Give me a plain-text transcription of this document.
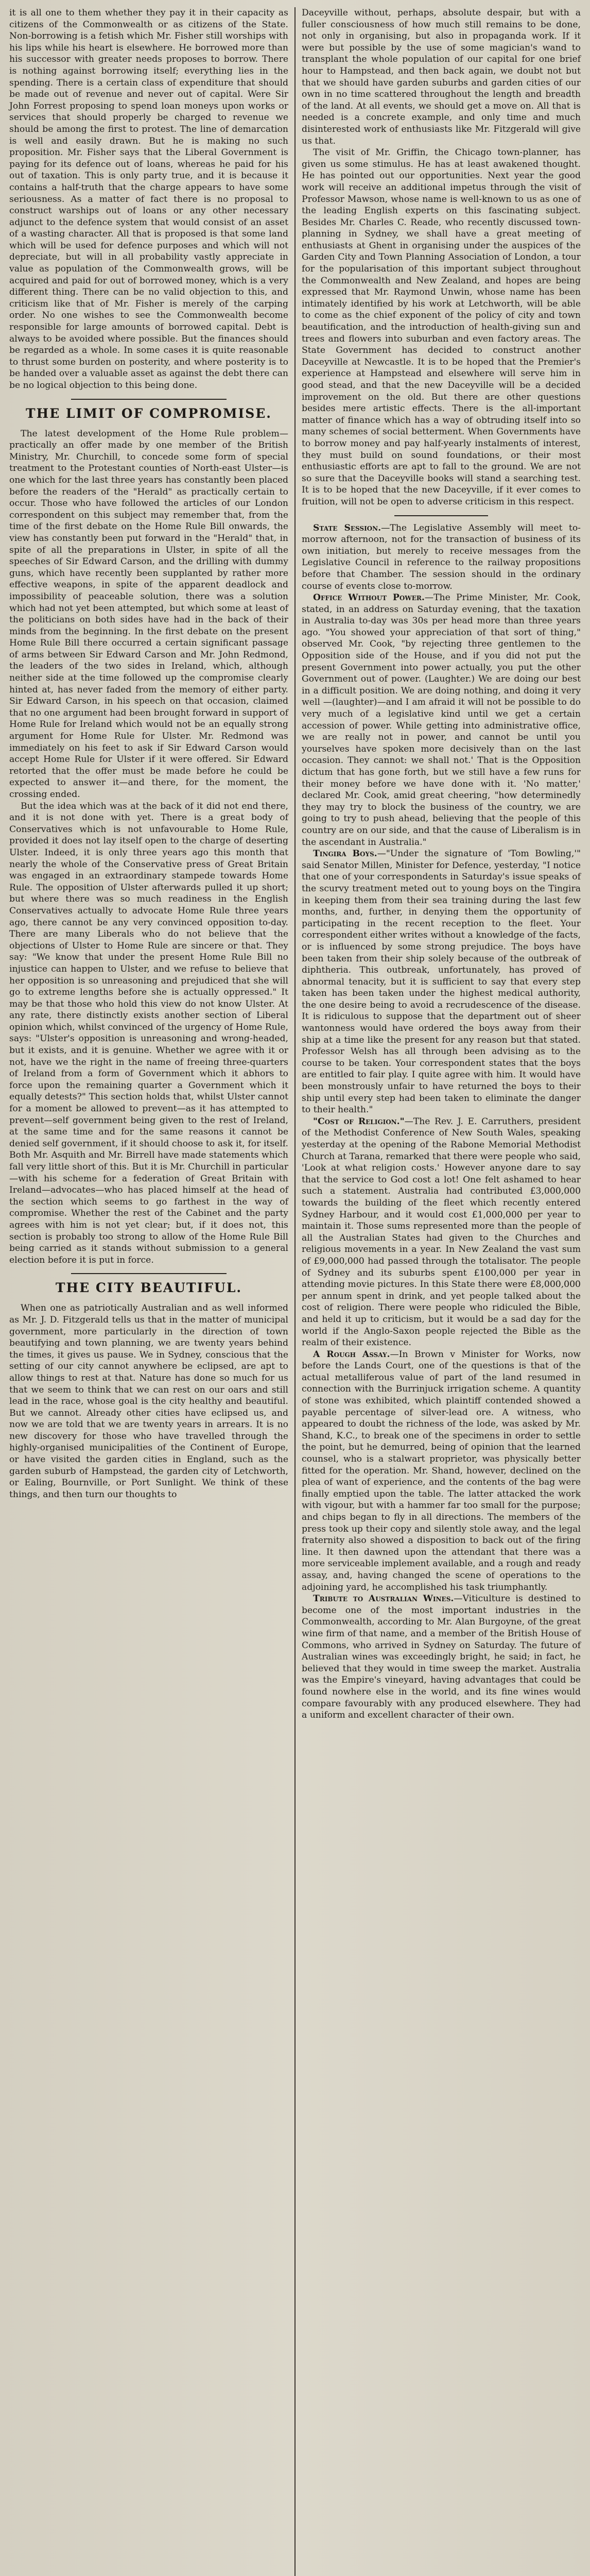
it is all one to them whether they pay it in their capacity as citizens of the Commonwealth or as citizens of the State. Non-borrowing is a fetish which Mr. Fisher still worships with his lips while his heart is elsewhere. He borrowed more than his successor with greater needs proposes to borrow. There is nothing against borrowing itself; everything lies in the spending. There is a certain class of expenditure that should be made out of revenue and never out of capital. Were Sir John Forrest proposing to spend loan moneys upon works or services that should properly be charged to revenue we should be among the first to protest. The line of demarcation is well and easily drawn. But he is making no such proposition. Mr. Fisher says that the Liberal Government is paying for its defence out of loans, whereas he paid for his out of taxation. This is only party true, and it is because it contains a half-truth that the charge appears to have some seriousness. As a matter of fact there is no proposal to construct warships out of loans or any other necessary adjunct to the defence system that would consist of an asset of a wasting character. All that is proposed is that some land which will be used for defence purposes and which will not depreciate, but will in all probability vastly appreciate in value as population of the Commonwealth grows, will be acquired and paid for out of borrowed money, which is a very different thing. There can be no valid objection to this, and criticism like that of Mr. Fisher is merely of the carping order. No one wishes to see the Commonwealth become responsible for large amounts of borrowed capital. Debt is always to be avoided where possible. But the finances should be regarded as a whole. In some cases it is quite reasonable to thrust some burden on posterity, and where posterity is to be handed over a valuable asset as against the debt there can be no logical objection to this being done.

THE LIMIT OF COMPROMISE.

The latest development of the Home Rule problem—practically an offer made by one member of the British Ministry, Mr. Churchill, to concede some form of special treatment to the Protestant counties of North-east Ulster—is one which for the last three years has constantly been placed before the readers of the "Herald" as practically certain to occur. Those who have followed the articles of our London correspondent on this subject may remember that, from the time of the first debate on the Home Rule Bill onwards, the view has constantly been put forward in the "Herald" that, in spite of all the preparations in Ulster, in spite of all the speeches of Sir Edward Carson, and the drilling with dummy guns, which have recently been supplanted by rather more effective weapons, in spite of the apparent deadlock and impossibility of peaceable solution, there was a solution which had not yet been attempted, but which some at least of the politicians on both sides have had in the back of their minds from the beginning. In the first debate on the present Home Rule Bill there occurred a certain significant passage of arms between Sir Edward Carson and Mr. John Redmond, the leaders of the two sides in Ireland, which, although neither side at the time followed up the compromise clearly hinted at, has never faded from the memory of either party. Sir Edward Carson, in his speech on that occasion, claimed that no one argument had been brought forward in support of Home Rule for Ireland which would not be an equally strong argument for Home Rule for Ulster. Mr. Redmond was immediately on his feet to ask if Sir Edward Carson would accept Home Rule for Ulster if it were offered. Sir Edward retorted that the offer must be made before he could be expected to answer it—and there, for the moment, the crossing ended.

But the idea which was at the back of it did not end there, and it is not done with yet. There is a great body of Conservatives which is not unfavourable to Home Rule, provided it does not lay itself open to the charge of deserting Ulster. Indeed, it is only three years ago this month that nearly the whole of the Conservative press of Great Britain was engaged in an extraordinary stampede towards Home Rule. The opposition of Ulster afterwards pulled it up short; but where there was so much readiness in the English Conservatives actually to advocate Home Rule three years ago, there cannot be any very convinced opposition to-day. There are many Liberals who do not believe that the objections of Ulster to Home Rule are sincere or that. They say: "We know that under the present Home Rule Bill no injustice can happen to Ulster, and we refuse to believe that her opposition is so unreasoning and prejudiced that she will go to extreme lengths before she is actually oppressed." It may be that those who hold this view do not know Ulster. At any rate, there distinctly exists another section of Liberal opinion which, whilst convinced of the urgency of Home Rule, says: "Ulster's opposition is unreasoning and wrong-headed, but it exists, and it is genuine. Whether we agree with it or not, have we the right in the name of freeing three-quarters of Ireland from a form of Government which it abhors to force upon the remaining quarter a Government which it equally detests?" This section holds that, whilst Ulster cannot for a moment be allowed to prevent—as it has attempted to prevent—self government being given to the rest of Ireland, at the same time and for the same reasons it cannot be denied self government, if it should choose to ask it, for itself. Both Mr. Asquith and Mr. Birrell have made statements which fall very little short of this. But it is Mr. Churchill in particular—with his scheme for a federation of Great Britain with Ireland—advocates—who has placed himself at the head of the section which seems to go farthest in the way of compromise. Whether the rest of the Cabinet and the party agrees with him is not yet clear; but, if it does not, this section is probably too strong to allow of the Home Rule Bill being carried as it stands without submission to a general election before it is put in force.

THE CITY BEAUTIFUL.

When one as patriotically Australian and as well informed as Mr. J. D. Fitzgerald tells us that in the matter of municipal government, more particularly in the direction of town beautifying and town planning, we are twenty years behind the times, it gives us pause. We in Sydney, conscious that the setting of our city cannot anywhere be eclipsed, are apt to allow things to rest at that. Nature has done so much for us that we seem to think that we can rest on our oars and still lead in the race, whose goal is the city healthy and beautiful. But we cannot. Already other cities have eclipsed us, and now we are told that we are twenty years in arrears. It is no new discovery for those who have travelled through the highly-organised municipalities of the Continent of Europe, or have visited the garden cities in England, such as the garden suburb of Hampstead, the garden city of Letchworth, or Ealing, Bournville, or Port Sunlight. We think of these things, and then turn our thoughts to

Daceyville without, perhaps, absolute despair, but with a fuller consciousness of how much still remains to be done, not only in organising, but also in propaganda work. If it were but possible by the use of some magician's wand to transplant the whole population of our capital for one brief hour to Hampstead, and then back again, we doubt not but that we should have garden suburbs and garden cities of our own in no time scattered throughout the length and breadth of the land. At all events, we should get a move on. All that is needed is a concrete example, and only time and much disinterested work of enthusiasts like Mr. Fitzgerald will give us that.

The visit of Mr. Griffin, the Chicago town-planner, has given us some stimulus. He has at least awakened thought. He has pointed out our opportunities. Next year the good work will receive an additional impetus through the visit of Professor Mawson, whose name is well-known to us as one of the leading English experts on this fascinating subject. Besides Mr. Charles C. Reade, who recently discussed town-planning in Sydney, we shall have a great meeting of enthusiasts at Ghent in organising under the auspices of the Garden City and Town Planning Association of London, a tour for the popularisation of this important subject throughout the Commonwealth and New Zealand, and hopes are being expressed that Mr. Raymond Unwin, whose name has been intimately identified by his work at Letchworth, will be able to come as the chief exponent of the policy of city and town beautification, and the introduction of health-giving sun and trees and flowers into suburban and even factory areas. The State Government has decided to construct another Daceyville at Newcastle. It is to be hoped that the Premier's experience at Hampstead and elsewhere will serve him in good stead, and that the new Daceyville will be a decided improvement on the old. But there are other questions besides mere artistic effects. There is the all-important matter of finance which has a way of obtruding itself into so many schemes of social betterment. When Governments have to borrow money and pay half-yearly instalments of interest, they must build on sound foundations, or their most enthusiastic efforts are apt to fall to the ground. We are not so sure that the Daceyville books will stand a searching test. It is to be hoped that the new Daceyville, if it ever comes to fruition, will not be open to adverse criticism in this respect.

State Session.—The Legislative Assembly will meet to-morrow afternoon, not for the transaction of business of its own initiation, but merely to receive messages from the Legislative Council in reference to the railway propositions before that Chamber. The session should in the ordinary course of events close to-morrow.

Office Without Power.—The Prime Minister, Mr. Cook, stated, in an address on Saturday evening, that the taxation in Australia to-day was 30s per head more than three years ago. "You showed your appreciation of that sort of thing," observed Mr. Cook, "by rejecting three gentlemen to the Opposition side of the House, and if you did not put the present Government into power actually, you put the other Government out of power. (Laughter.) We are doing our best in a difficult position. We are doing nothing, and doing it very well —(laughter)—and I am afraid it will not be possible to do very much of a legislative kind until we get a certain accession of power. While getting into administrative office, we are really not in power, and cannot be until you yourselves have spoken more decisively than on the last occasion. They cannot: we shall not.' That is the Opposition dictum that has gone forth, but we still have a few runs for their money before we have done with it. 'No matter,' declared Mr. Cook, amid great cheering, "how determinedly they may try to block the business of the country, we are going to try to push ahead, believing that the people of this country are on our side, and that the cause of Liberalism is in the ascendant in Australia."

Tingira Boys.—"Under the signature of 'Tom Bowling,'" said Senator Millen, Minister for Defence, yesterday, "I notice that one of your correspondents in Saturday's issue speaks of the scurvy treatment meted out to young boys on the Tingira in keeping them from their sea training during the last few months, and, further, in denying them the opportunity of participating in the recent reception to the fleet. Your correspondent either writes without a knowledge of the facts, or is influenced by some strong prejudice. The boys have been taken from their ship solely because of the outbreak of diphtheria. This outbreak, unfortunately, has proved of abnormal tenacity, but it is sufficient to say that every step taken has been taken under the highest medical authority, the one desire being to avoid a recrudescence of the disease. It is ridiculous to suppose that the department out of sheer wantonness would have ordered the boys away from their ship at a time like the present for any reason but that stated. Professor Welsh has all through been advising as to the course to be taken. Your correspondent states that the boys are entitled to fair play. I quite agree with him. It would have been monstrously unfair to have returned the boys to their ship until every step had been taken to eliminate the danger to their health."

"Cost of Religion."—The Rev. J. E. Carruthers, president of the Methodist Conference of New South Wales, speaking yesterday at the opening of the Rabone Memorial Methodist Church at Tarana, remarked that there were people who said, 'Look at what religion costs.' However anyone dare to say that the service to God cost a lot! One felt ashamed to hear such a statement. Australia had contributed £3,000,000 towards the building of the fleet which recently entered Sydney Harbour, and it would cost £1,000,000 per year to maintain it. Those sums represented more than the people of all the Australian States had given to the Churches and religious movements in a year. In New Zealand the vast sum of £9,000,000 had passed through the totalisator. The people of Sydney and its suburbs spent £100,000 per year in attending movie pictures. In this State there were £8,000,000 per annum spent in drink, and yet people talked about the cost of religion. There were people who ridiculed the Bible, and held it up to criticism, but it would be a sad day for the world if the Anglo-Saxon people rejected the Bible as the realm of their existence.

A Rough Assay.—In Brown v Minister for Works, now before the Lands Court, one of the questions is that of the actual metalliferous value of part of the land resumed in connection with the Burrinjuck irrigation scheme. A quantity of stone was exhibited, which plaintiff contended showed a payable percentage of silver-lead ore. A witness, who appeared to doubt the richness of the lode, was asked by Mr. Shand, K.C., to break one of the specimens in order to settle the point, but he demurred, being of opinion that the learned counsel, who is a stalwart proprietor, was physically better fitted for the operation. Mr. Shand, however, declined on the plea of want of experience, and the contents of the bag were finally emptied upon the table. The latter attacked the work with vigour, but with a hammer far too small for the purpose; and chips began to fly in all directions. The members of the press took up their copy and silently stole away, and the legal fraternity also showed a disposition to back out of the firing line. It then dawned upon the attendant that there was a more serviceable implement available, and a rough and ready assay, and, having changed the scene of operations to the adjoining yard, he accomplished his task triumphantly.

Tribute to Australian Wines.—Viticulture is destined to become one of the most important industries in the Commonwealth, according to Mr. Alan Burgoyne, of the great wine firm of that name, and a member of the British House of Commons, who arrived in Sydney on Saturday. The future of Australian wines was exceedingly bright, he said; in fact, he believed that they would in time sweep the market. Australia was the Empire's vineyard, having advantages that could be found nowhere else in the world, and its fine wines would compare favourably with any produced elsewhere. They had a uniform and excellent character of their own.
